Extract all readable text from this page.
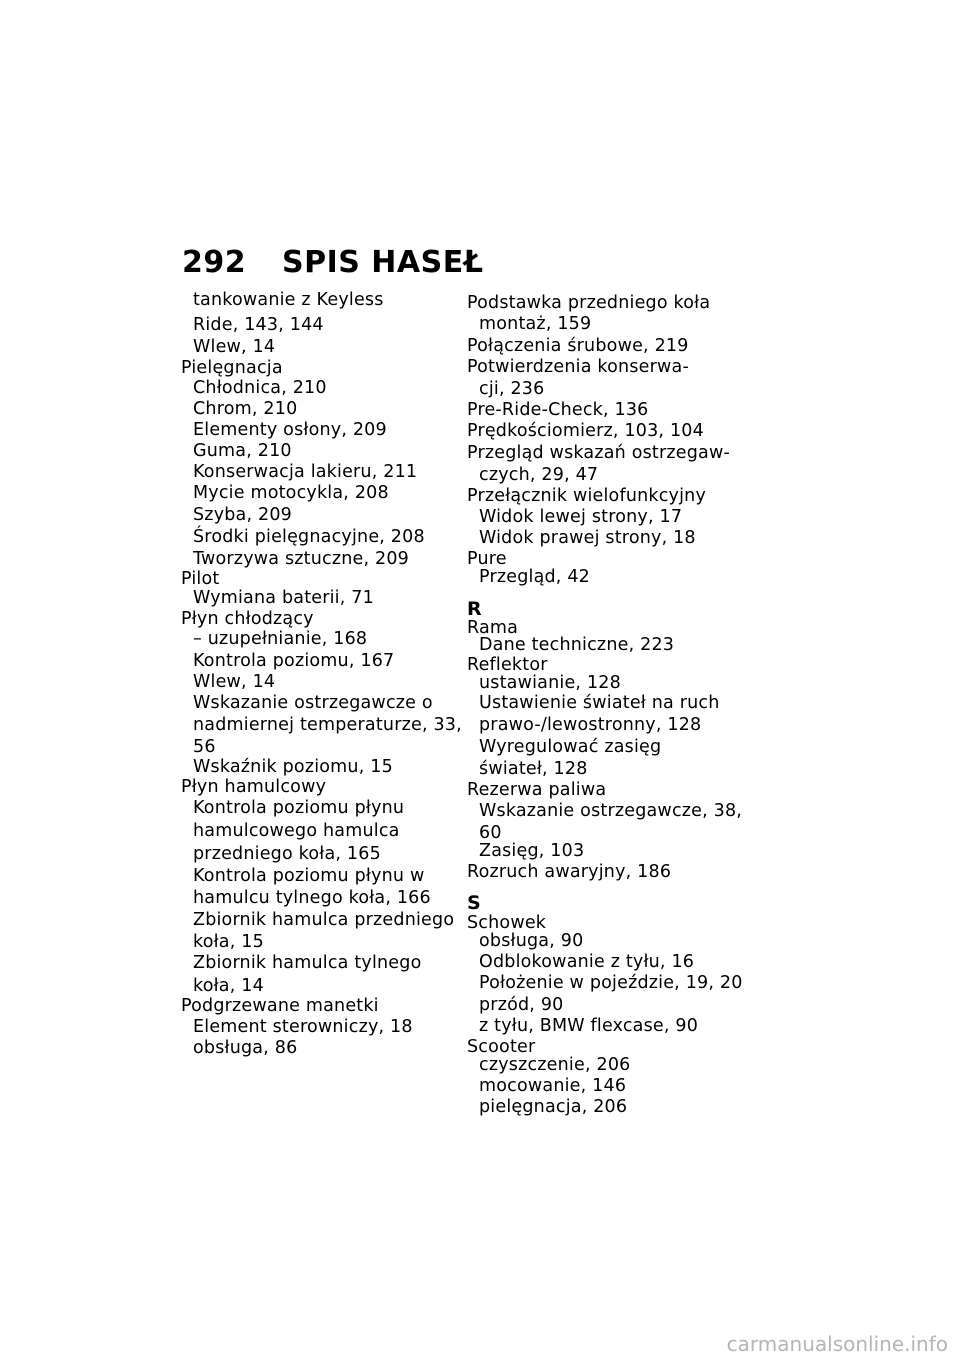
292	SPIS HASEŁ
tankowanie z Keyless
Ride, 143, 144
Wlew, 14
Pielęgnacja
Chłodnica, 210
Chrom, 210
Elementy osłony, 209
Guma, 210
Konserwacja lakieru, 211
Mycie motocykla, 208
Szyba, 209
Środki pielęgnacyjne, 208
Tworzywa sztuczne, 209
Pilot
Wymiana baterii, 71
Płyn chłodzący
– uzupełnianie, 168
Kontrola poziomu, 167
Wlew, 14
Wskazanie ostrzegawcze o
nadmiernej temperaturze, 33,
56
Wskaźnik poziomu, 15
Płyn hamulcowy
Kontrola poziomu płynu
hamulcowego hamulca
przedniego koła, 165
Kontrola poziomu płynu w
hamulcu tylnego koła, 166
Zbiornik hamulca przedniego
koła, 15
Zbiornik hamulca tylnego
koła, 14
Podgrzewane manetki
Element sterowniczy, 18
obsługa, 86
Podstawka przedniego koła
montaż, 159
Połączenia śrubowe, 219
Potwierdzenia konserwa-
cji, 236
Pre-Ride-Check, 136
Prędkościomierz, 103, 104
Przegląd wskazań ostrzegaw-
czych, 29, 47
Przełącznik wielofunkcyjny
Widok lewej strony, 17
Widok prawej strony, 18
Pure
Przegląd, 42
R
Rama
Dane techniczne, 223
Reflektor
ustawianie, 128
Ustawienie świateł na ruch
prawo-/lewostronny, 128
Wyregulować zasięg
świateł, 128
Rezerwa paliwa
Wskazanie ostrzegawcze, 38,
60
Zasięg, 103
Rozruch awaryjny, 186
S
Schowek
obsługa, 90
Odblokowanie z tyłu, 16
Położenie w pojeździe, 19, 20
przód, 90
z tyłu, BMW flexcase, 90
Scooter
czyszczenie, 206
mocowanie, 146
pielęgnacja, 206
carmanualsonline.info
